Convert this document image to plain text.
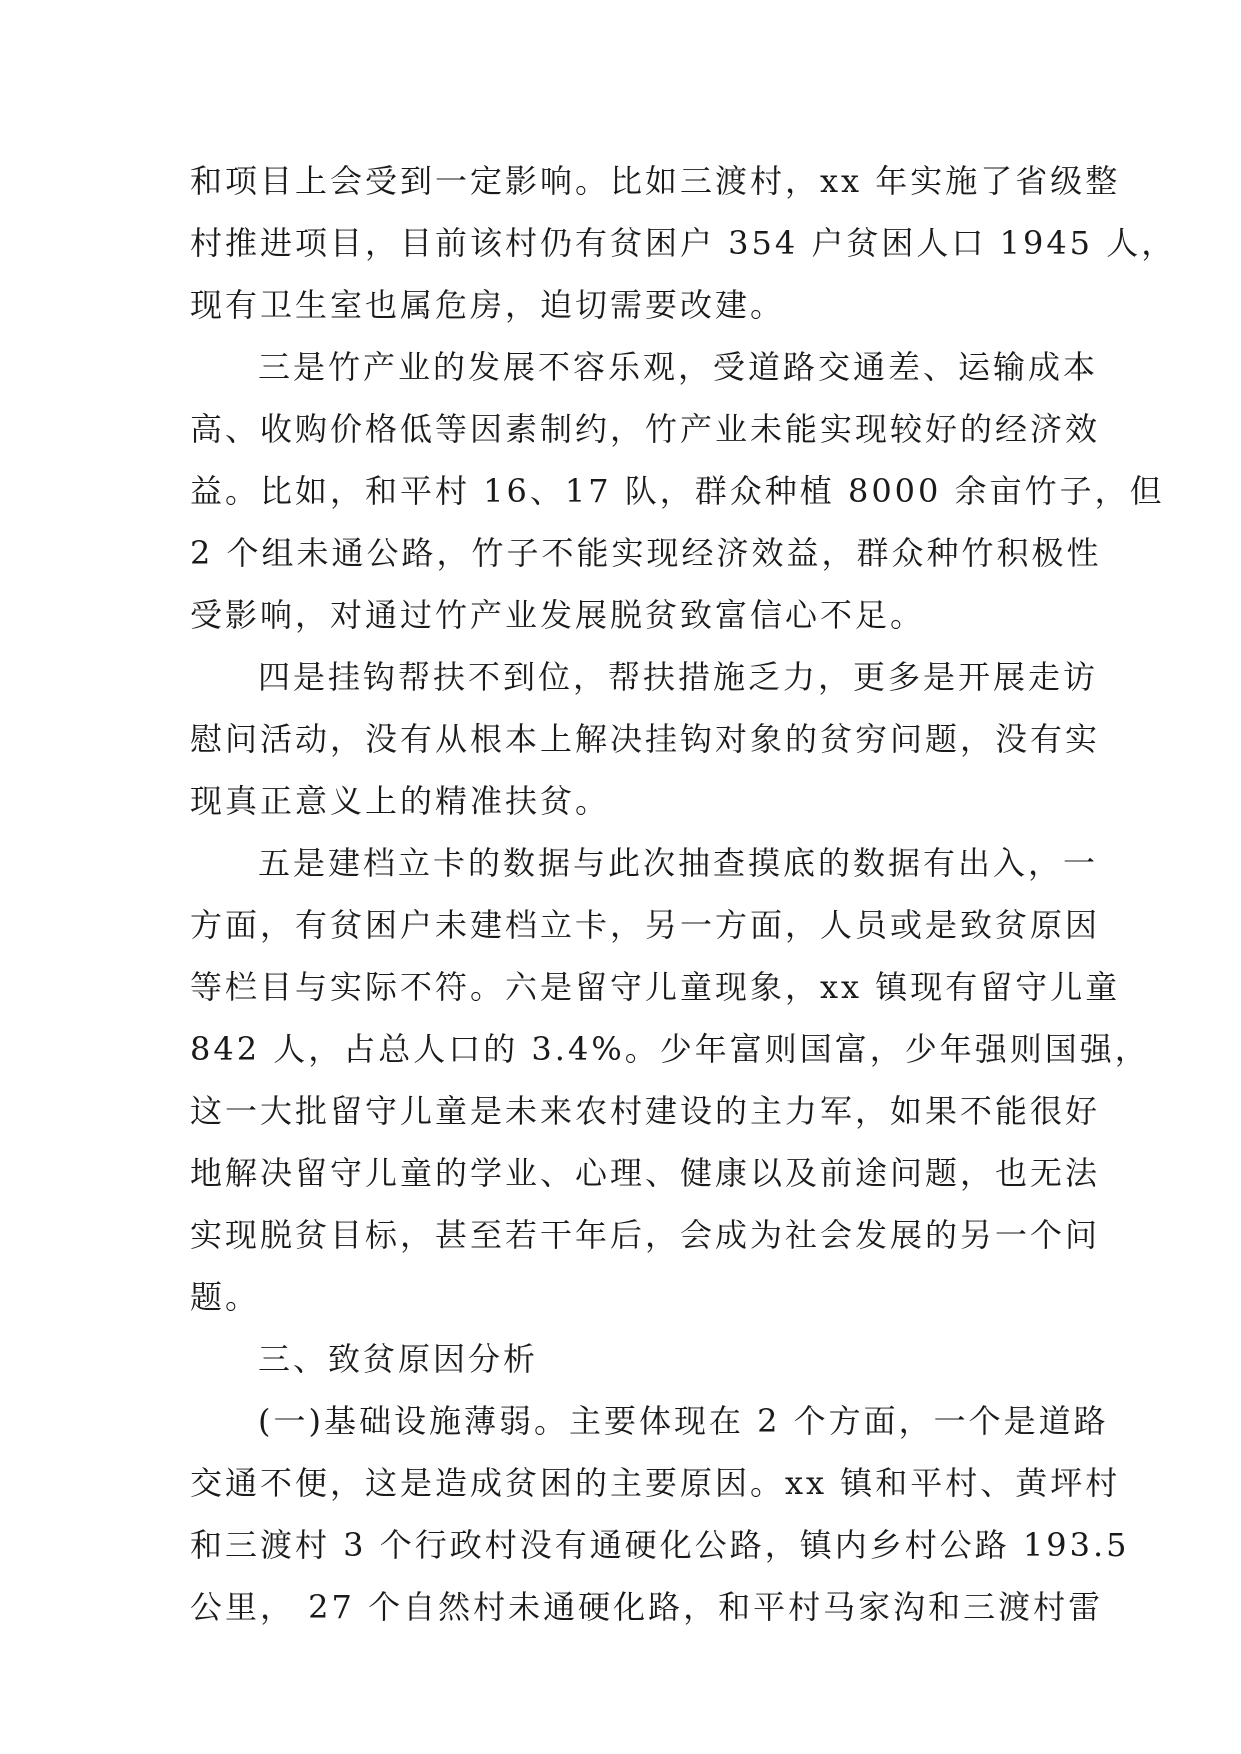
和项目上会受到一定影响。比如三渡村，xx 年实施了省级整
村推进项目，目前该村仍有贫困户 354 户贫困人口 1945 人，
现有卫生室也属危房，迫切需要改建。
三是竹产业的发展不容乐观，受道路交通差、运输成本
高、收购价格低等因素制约，竹产业未能实现较好的经济效
益。比如，和平村 16、17 队，群众种植 8000 余亩竹子，但
2 个组未通公路，竹子不能实现经济效益，群众种竹积极性
受影响，对通过竹产业发展脱贫致富信心不足。
四是挂钩帮扶不到位，帮扶措施乏力，更多是开展走访
慰问活动，没有从根本上解决挂钩对象的贫穷问题，没有实
现真正意义上的精准扶贫。
五是建档立卡的数据与此次抽查摸底的数据有出入，一
方面，有贫困户未建档立卡，另一方面，人员或是致贫原因
等栏目与实际不符。六是留守儿童现象，xx 镇现有留守儿童
842 人，占总人口的 3.4%。少年富则国富，少年强则国强，
这一大批留守儿童是未来农村建设的主力军，如果不能很好
地解决留守儿童的学业、心理、健康以及前途问题，也无法
实现脱贫目标，甚至若干年后，会成为社会发展的另一个问
题。
三、致贫原因分析
(一)基础设施薄弱。主要体现在 2 个方面，一个是道路
交通不便，这是造成贫困的主要原因。xx 镇和平村、黄坪村
和三渡村 3 个行政村没有通硬化公路，镇内乡村公路 193.5
公里， 27 个自然村未通硬化路，和平村马家沟和三渡村雷
